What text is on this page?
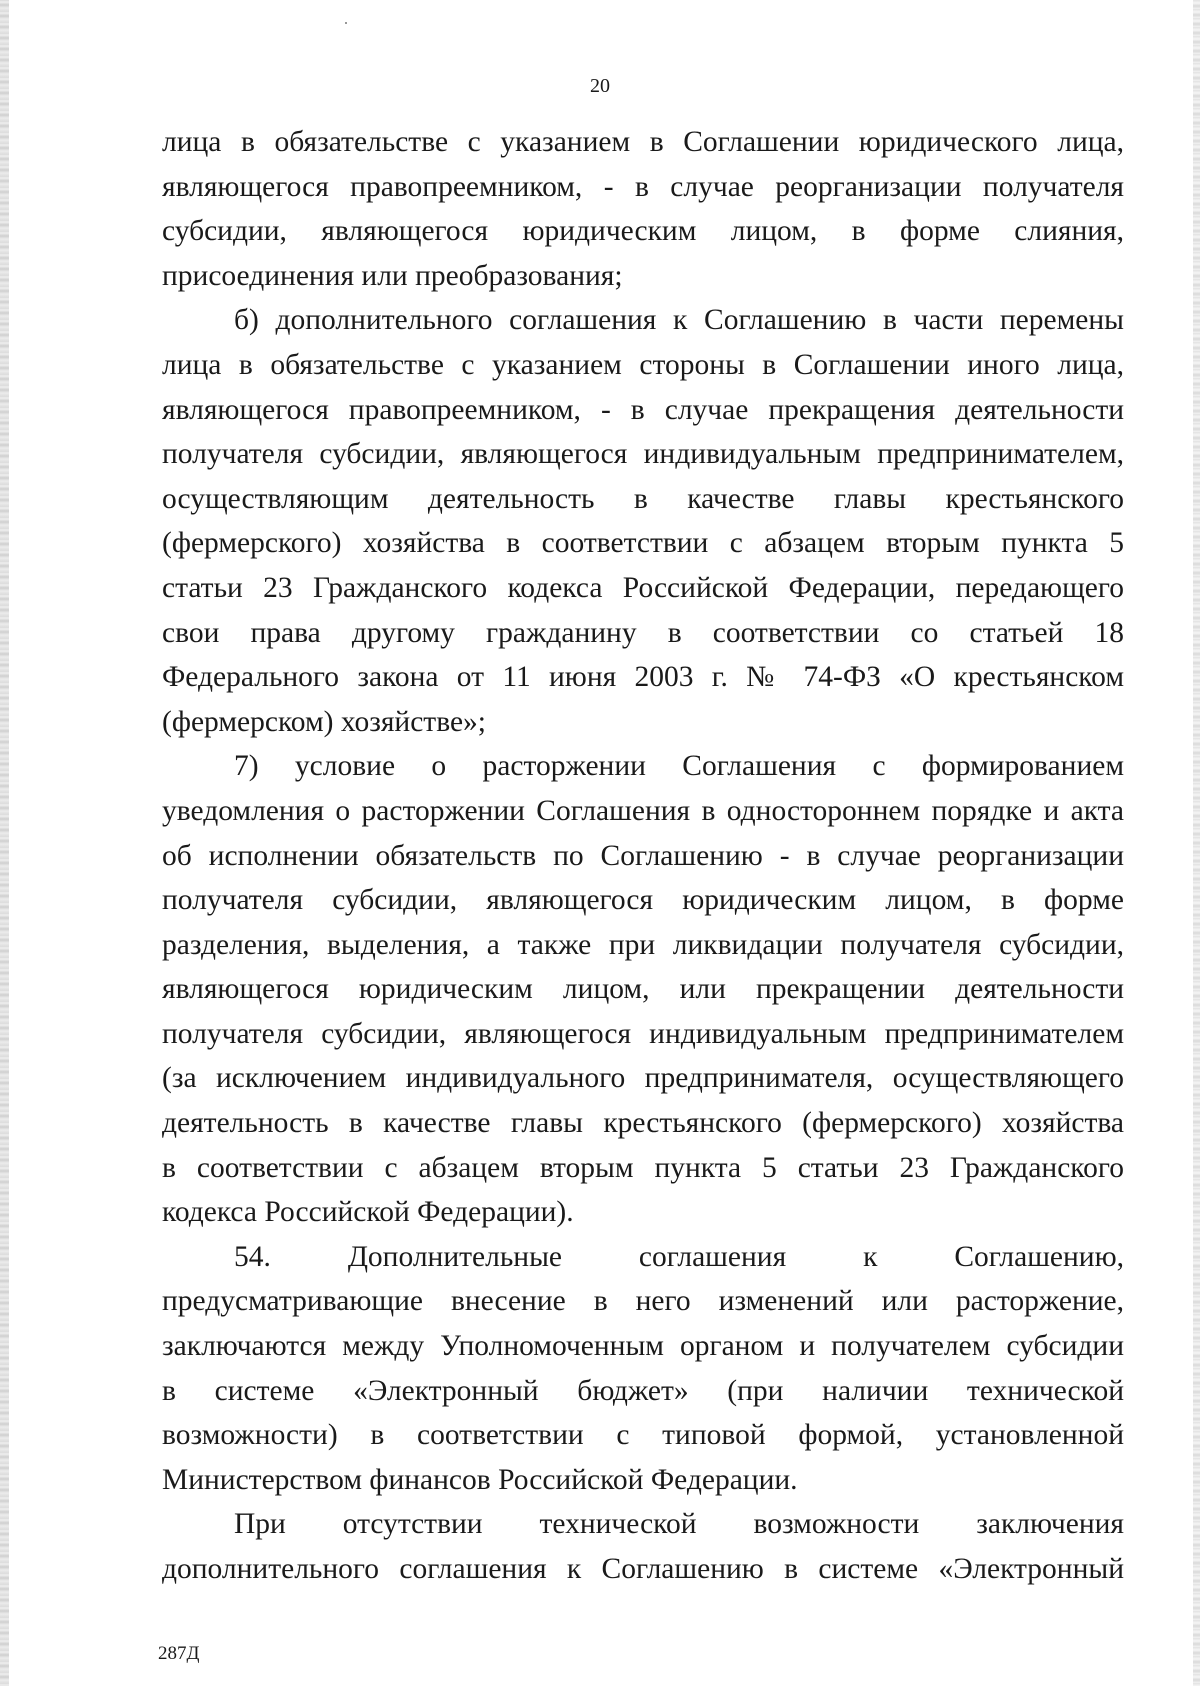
20

лица в обязательстве с указанием в Соглашении юридического лица,
являющегося правопреемником, - в случае реорганизации получателя
субсидии, являющегося юридическим лицом, в форме слияния,
присоединения или преобразования;

б) дополнительного соглашения к Соглашению в части перемены
лица в обязательстве с указанием стороны в Соглашении иного лица,
являющегося правопреемником, - в случае прекращения деятельности
получателя субсидии, являющегося индивидуальным предпринимателем,
осуществляющим деятельность в качестве главы крестьянского
(фермерского) хозяйства в соответствии с абзацем вторым пункта 5
статьи 23 Гражданского кодекса Российской Федерации, передающего
свои права другому гражданину в соответствии со статьей 18
Федерального закона от 11 июня 2003 г. № 74-ФЗ «О крестьянском
(фермерском) хозяйстве»;

7) условие о расторжении Соглашения с формированием
уведомления о расторжении Соглашения в одностороннем порядке и акта
об исполнении обязательств по Соглашению - в случае реорганизации
получателя субсидии, являющегося юридическим лицом, в форме
разделения, выделения, а также при ликвидации получателя субсидии,
являющегося юридическим лицом, или прекращении деятельности
получателя субсидии, являющегося индивидуальным предпринимателем
(за исключением индивидуального предпринимателя, осуществляющего
деятельность в качестве главы крестьянского (фермерского) хозяйства
в соответствии с абзацем вторым пункта 5 статьи 23 Гражданского
кодекса Российской Федерации).

54. Дополнительные соглашения к Соглашению,
предусматривающие внесение в него изменений или расторжение,
заключаются между Уполномоченным органом и получателем субсидии
в системе «Электронный бюджет» (при наличии технической
возможности) в соответствии с типовой формой, установленной
Министерством финансов Российской Федерации.

При отсутствии технической возможности заключения
дополнительного соглашения к Соглашению в системе «Электронный

287Д
